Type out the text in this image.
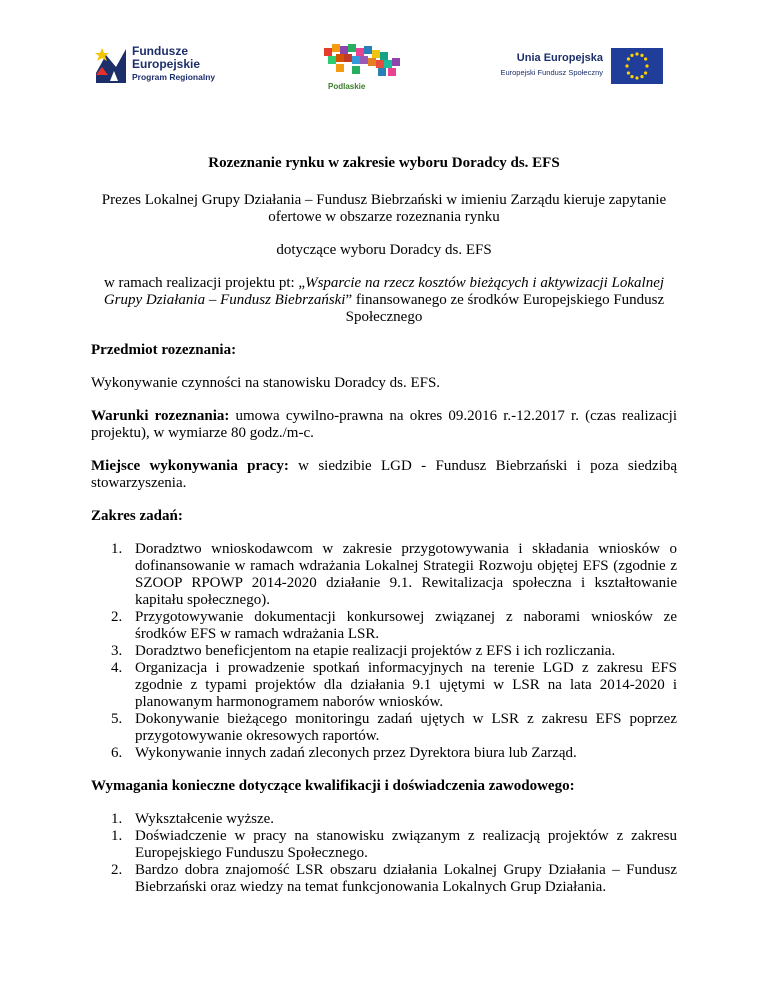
Fundusze
Europejskie
Program Regionalny
Podlaskie
Unia Europejska
Europejski Fundusz Społeczny

Rozeznanie rynku w zakresie wyboru Doradcy ds. EFS

Prezes Lokalnej Grupy Działania – Fundusz Biebrzański w imieniu Zarządu kieruje zapytanie ofertowe w obszarze rozeznania rynku

dotyczące wyboru Doradcy ds. EFS

w ramach realizacji projektu pt: „Wsparcie na rzecz kosztów bieżących i aktywizacji Lokalnej Grupy Działania – Fundusz Biebrzański” finansowanego ze środków Europejskiego Fundusz Społecznego

Przedmiot rozeznania:

Wykonywanie czynności na stanowisku Doradcy ds. EFS.

Warunki rozeznania: umowa cywilno-prawna na okres 09.2016 r.-12.2017 r. (czas realizacji projektu), w wymiarze 80 godz./m-c.

Miejsce wykonywania pracy: w siedzibie LGD - Fundusz Biebrzański i poza siedzibą stowarzyszenia.

Zakres zadań:

1. Doradztwo wnioskodawcom w zakresie przygotowywania i składania wniosków o dofinansowanie w ramach wdrażania Lokalnej Strategii Rozwoju objętej EFS (zgodnie z SZOOP RPOWP 2014-2020 działanie 9.1. Rewitalizacja społeczna i kształtowanie kapitału społecznego).
2. Przygotowywanie dokumentacji konkursowej związanej z naborami wniosków ze środków EFS w ramach wdrażania LSR.
3. Doradztwo beneficjentom na etapie realizacji projektów z EFS i ich rozliczania.
4. Organizacja i prowadzenie spotkań informacyjnych na terenie LGD z zakresu EFS zgodnie z typami projektów dla działania 9.1 ujętymi w LSR na lata 2014-2020 i planowanym harmonogramem naborów wniosków.
5. Dokonywanie bieżącego monitoringu zadań ujętych w LSR z zakresu EFS poprzez przygotowywanie okresowych raportów.
6. Wykonywanie innych zadań zleconych przez Dyrektora biura lub Zarząd.

Wymagania konieczne dotyczące kwalifikacji i doświadczenia zawodowego:

1. Wykształcenie wyższe.
1. Doświadczenie w pracy na stanowisku związanym z realizacją projektów z zakresu Europejskiego Funduszu Społecznego.
2. Bardzo dobra znajomość LSR obszaru działania Lokalnej Grupy Działania – Fundusz Biebrzański oraz wiedzy na temat funkcjonowania Lokalnych Grup Działania.
